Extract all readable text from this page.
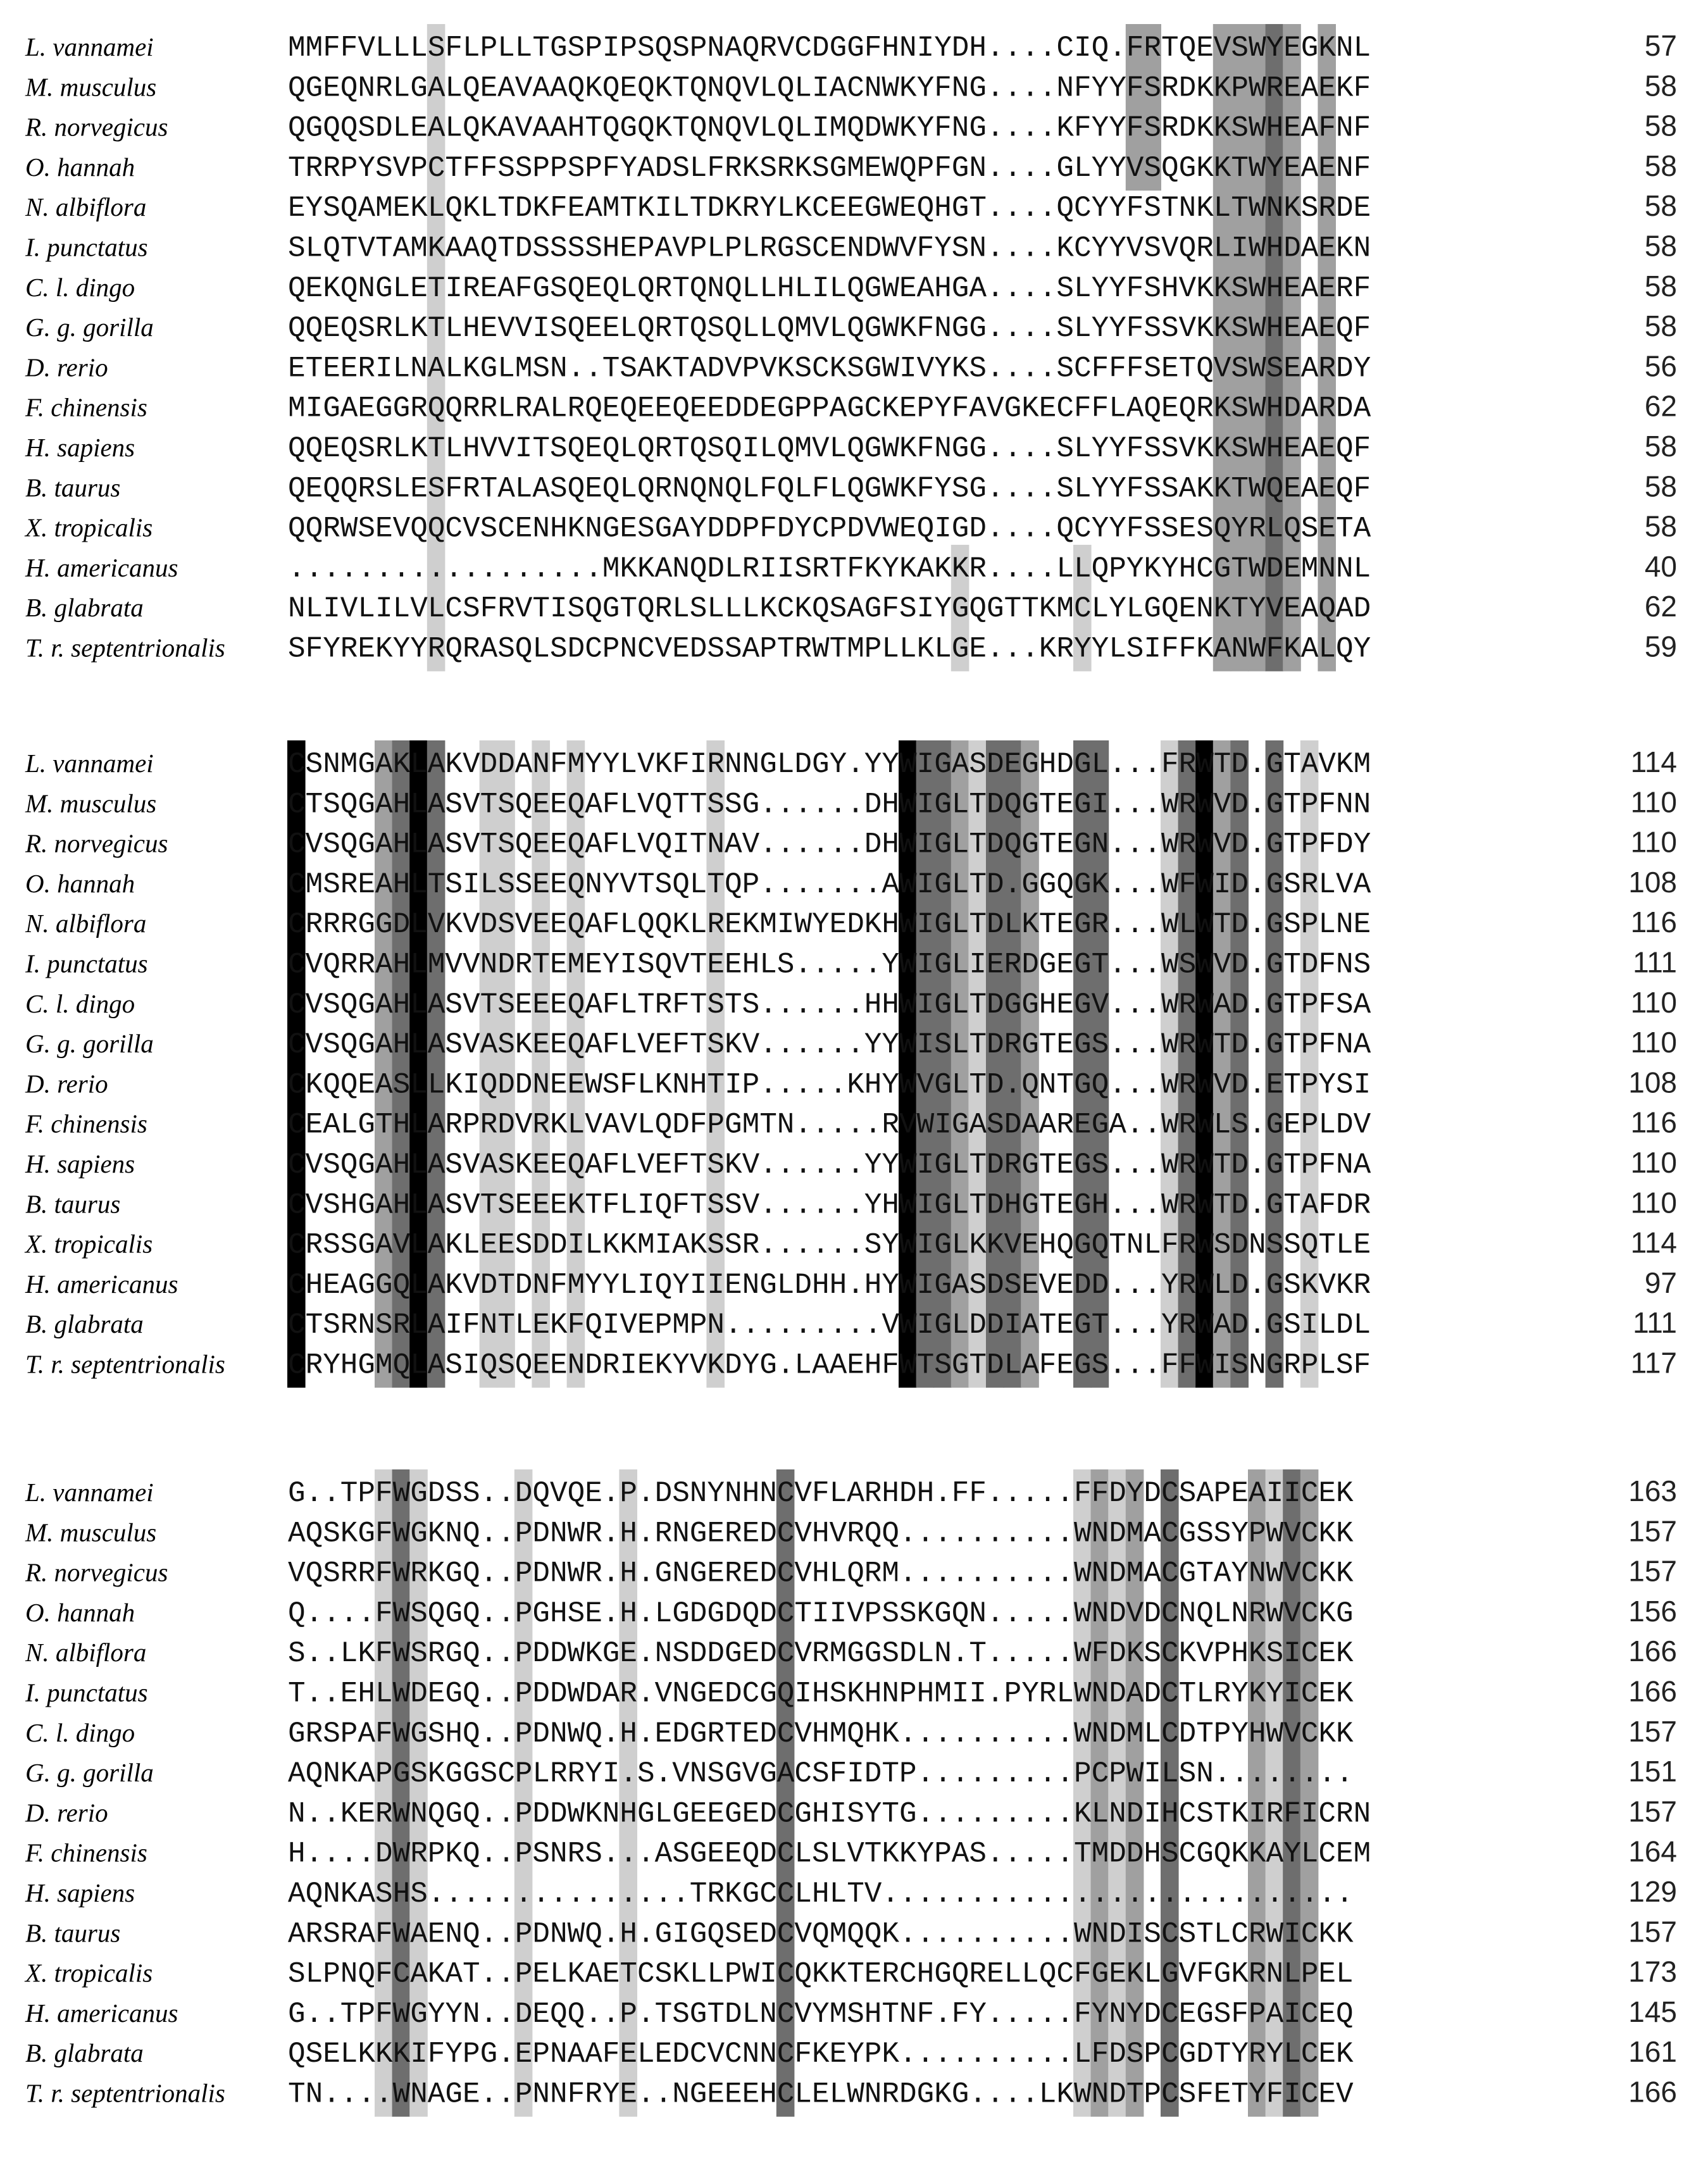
L. vannamei	MMFFVLLLSFLPLLTGSPIPSQSPNAQRVCDGGFHNIYDH....CIQ.FRTQEVSWYEGKNL	57
M. musculus	QGEQNRLGALQEAVAAQKQEQKTQNQVLQLIACNWKYFNG....NFYYFSRDKKPWREAEKF	58
R. norvegicus	QGQQSDLEALQKAVAAHTQGQKTQNQVLQLIMQDWKYFNG....KFYYFSRDKKSWHEAFNF	58
O. hannah	TRRPYSVPCTFFSSPPSPFYADSLFRKSRKSGMEWQPFGN....GLYYVSQGKKTWYEAENF	58
N. albiflora	EYSQAMEKLQKLTDKFEAMTKILTDKRYLKCEEGWEQHGT....QCYYFSTNKLTWNKSRDE	58
I. punctatus	SLQTVTAMKAAQTDSSSSHEPAVPLPLRGSCENDWVFYSN....KCYYVSVQRLIWHDAEKN	58
C. l. dingo	QEKQNGLETIREAFGSQEQLQRTQNQLLHLILQGWEAHGA....SLYYFSHVKKSWHEAERF	58
G. g. gorilla	QQEQSRLKTLHEVVISQEELQRTQSQLLQMVLQGWKFNGG....SLYYFSSVKKSWHEAEQF	58
D. rerio	ETEERILNALKGLMSN..TSAKTADVPVKSCKSGWIVYKS....SCFFFSETQVSWSEARDY	56
F. chinensis	MIGAEGGRQQRRLRALRQEQEEQEEDDEGPPAGCKEPYFAVGKECFFLAQEQRKSWHDARDA	62
H. sapiens	QQEQSRLKTLHVVITSQEQLQRTQSQILQMVLQGWKFNGG....SLYYFSSVKKSWHEAEQF	58
B. taurus	QEQQRSLESFRTALASQEQLQRNQNQLFQLFLQGWKFYSG....SLYYFSSAKKTWQEAEQF	58
X. tropicalis	QQRWSEVQQCVSCENHKNGESGAYDDPFDYCPDVWEQIGD....QCYYFSSESQYRLQSETA	58
H. americanus	..................MKKANQDLRIISRTFKYKAKKR....LLQPYKYHCGTWDEMNNL	40
B. glabrata	NLIVLILVLCSFRVTISQGTQRLSLLLKCKQSAGFSIYGQGTTKMCLYLGQENKTYVEAQAD	62
T. r. septentrionalis SFYREKYYRQRASQLSDCPNCVEDSSAPTRWTMPLLKLGE...KRYYLSIFFKANWFKALQY	59
L. vannamei	CSNMGAKLAKVDDANFMYYLVKFIRNNGLDGY.YYWIGASDEGHDGL...FRWTD.GTAVKM	114
M. musculus	CTSQGAHLASVTSQEEQAFLVQTTSSG......DHWIGLTDQGTEGI...WRWVD.GTPFNN	110
R. norvegicus	CVSQGAHLASVTSQEEQAFLVQITNAV......DHWIGLTDQGTEGN...WRWVD.GTPFDY	110
O. hannah	CMSREAHLTSILSSEEQNYVTSQLTQP.......AWIGLTD.GGQGK...WFWID.GSRLVA	108
N. albiflora	CRRRGGDLVKVDSVEEQAFLQQKLREKMIWYEDKHWIGLTDLKTEGR...WLWTD.GSPLNE	116
I. punctatus	CVQRRAHLMVVNDRTEMEYISQVTEEHLS.....YWIGLIERDGEGT...WSWVD.GTDFNS	111
C. l. dingo	CVSQGAHLASVTSEEEQAFLTRFTSTS......HHWIGLTDGGHEGV...WRWAD.GTPFSA	110
G. g. gorilla	CVSQGAHLASVASKEEQAFLVEFTSKV......YYWISLTDRGTEGS...WRWTD.GTPFNA	110
D. rerio	CKQQEASLLKIQDDNEEWSFLKNHTIP.....KHYWVGLTD.QNTGQ...WRWVD.ETPYSI	108
F. chinensis	CEALGTHLARPRDVRKLVAVLQDFPGMTN.....RVWIGASDAAREGA..WRWLS.GEPLDV	116
H. sapiens	CVSQGAHLASVASKEEQAFLVEFTSKV......YYWIGLTDRGTEGS...WRWTD.GTPFNA	110
B. taurus	CVSHGAHLASVTSEEEKTFLIQFTSSV......YHWIGLTDHGTEGH...WRWTD.GTAFDR	110
X. tropicalis	CRSSGAVLAKLEESDDILKKMIAKSSR......SYWIGLKKVEHQGQTNLFRWSDNSSQTLE	114
H. americanus	CHEAGGQLAKVDTDNFMYYLIQYIIENGLDHH.HYWIGASDSEVEDD...YRWLD.GSKVKR	97
B. glabrata	CTSRNSRLAIFNTLEKFQIVEPMPN.........VWIGLDDIATEGT...YRWAD.GSILDL	111
T. r. septentrionalis CRYHGMQLASIQSQEENDRIEKYVKDYG.LAAEHFWTSGTDLAFEGS...FFWISNGRPLSF	117
L. vannamei	G..TPFWGDSS..DQVQE.P.DSNYNHNCVFLARHDH.FF.....FFDYDCSAPEAIICEK	163
M. musculus	AQSKGFWGKNQ..PDNWR.H.RNGEREDCVHVRQQ..........WNDMACGSSYPWVCKK	157
R. norvegicus	VQSRRFWRKGQ..PDNWR.H.GNGEREDCVHLQRM..........WNDMACGTAYNWVCKK	157
O. hannah	Q....FWSQGQ..PGHSE.H.LGDGDQDCTIIVPSSKGQN.....WNDVDCNQLNRWVCKG	156
N. albiflora	S..LKFWSRGQ..PDDWKGE.NSDDGEDCVRMGGSDLN.T.....WFDKSCKVPHKSICEK	166
I. punctatus	T..EHLWDEGQ..PDDWDAR.VNGEDCGQIHSKHNPHMII.PYRLWNDADCTLRYKYICEK	166
C. l. dingo	GRSPAFWGSHQ..PDNWQ.H.EDGRTEDCVHMQHK..........WNDMLCDTPYHWVCKK	157
G. g. gorilla	AQNKAPGSKGGSCPLRRYI.S.VNSGVGACSFIDTP.........PCPWILSN........	151
D. rerio	N..KERWNQGQ..PDDWKNHGLGEEGEDCGHISYTG.........KLNDIHCSTKIRFICRN	157
F. chinensis	H....DWRPKQ..PSNRS...ASGEEQDCLSLVTKKYPAS.....TMDDHSCGQKKAYLCEM	164
H. sapiens	AQNKASHS...............TRKGCCLHLTV...........................	129
B. taurus	ARSRAFWAENQ..PDNWQ.H.GIGQSEDCVQMQQK..........WNDISCSTLCRWICKK	157
X. tropicalis	SLPNQFCAKAT..PELKAETCSKLLPWICQKKTERCHGQRELLQCFGEKLGVFGKRNLPEL	173
H. americanus	G..TPFWGYYN..DEQQ..P.TSGTDLNCVYMSHTNF.FY.....FYNYDCEGSFPAICEQ	145
B. glabrata	QSELKKKIFYPG.EPNAAFELEDCVCNNCFKEYPK..........LFDSPCGDTYRYLCEK	161
T. r. septentrionalis TN....WNAGE..PNNFRYE..NGEEEHCLELWNRDGKG....LKWNDTPCSFETYFICEV	166
